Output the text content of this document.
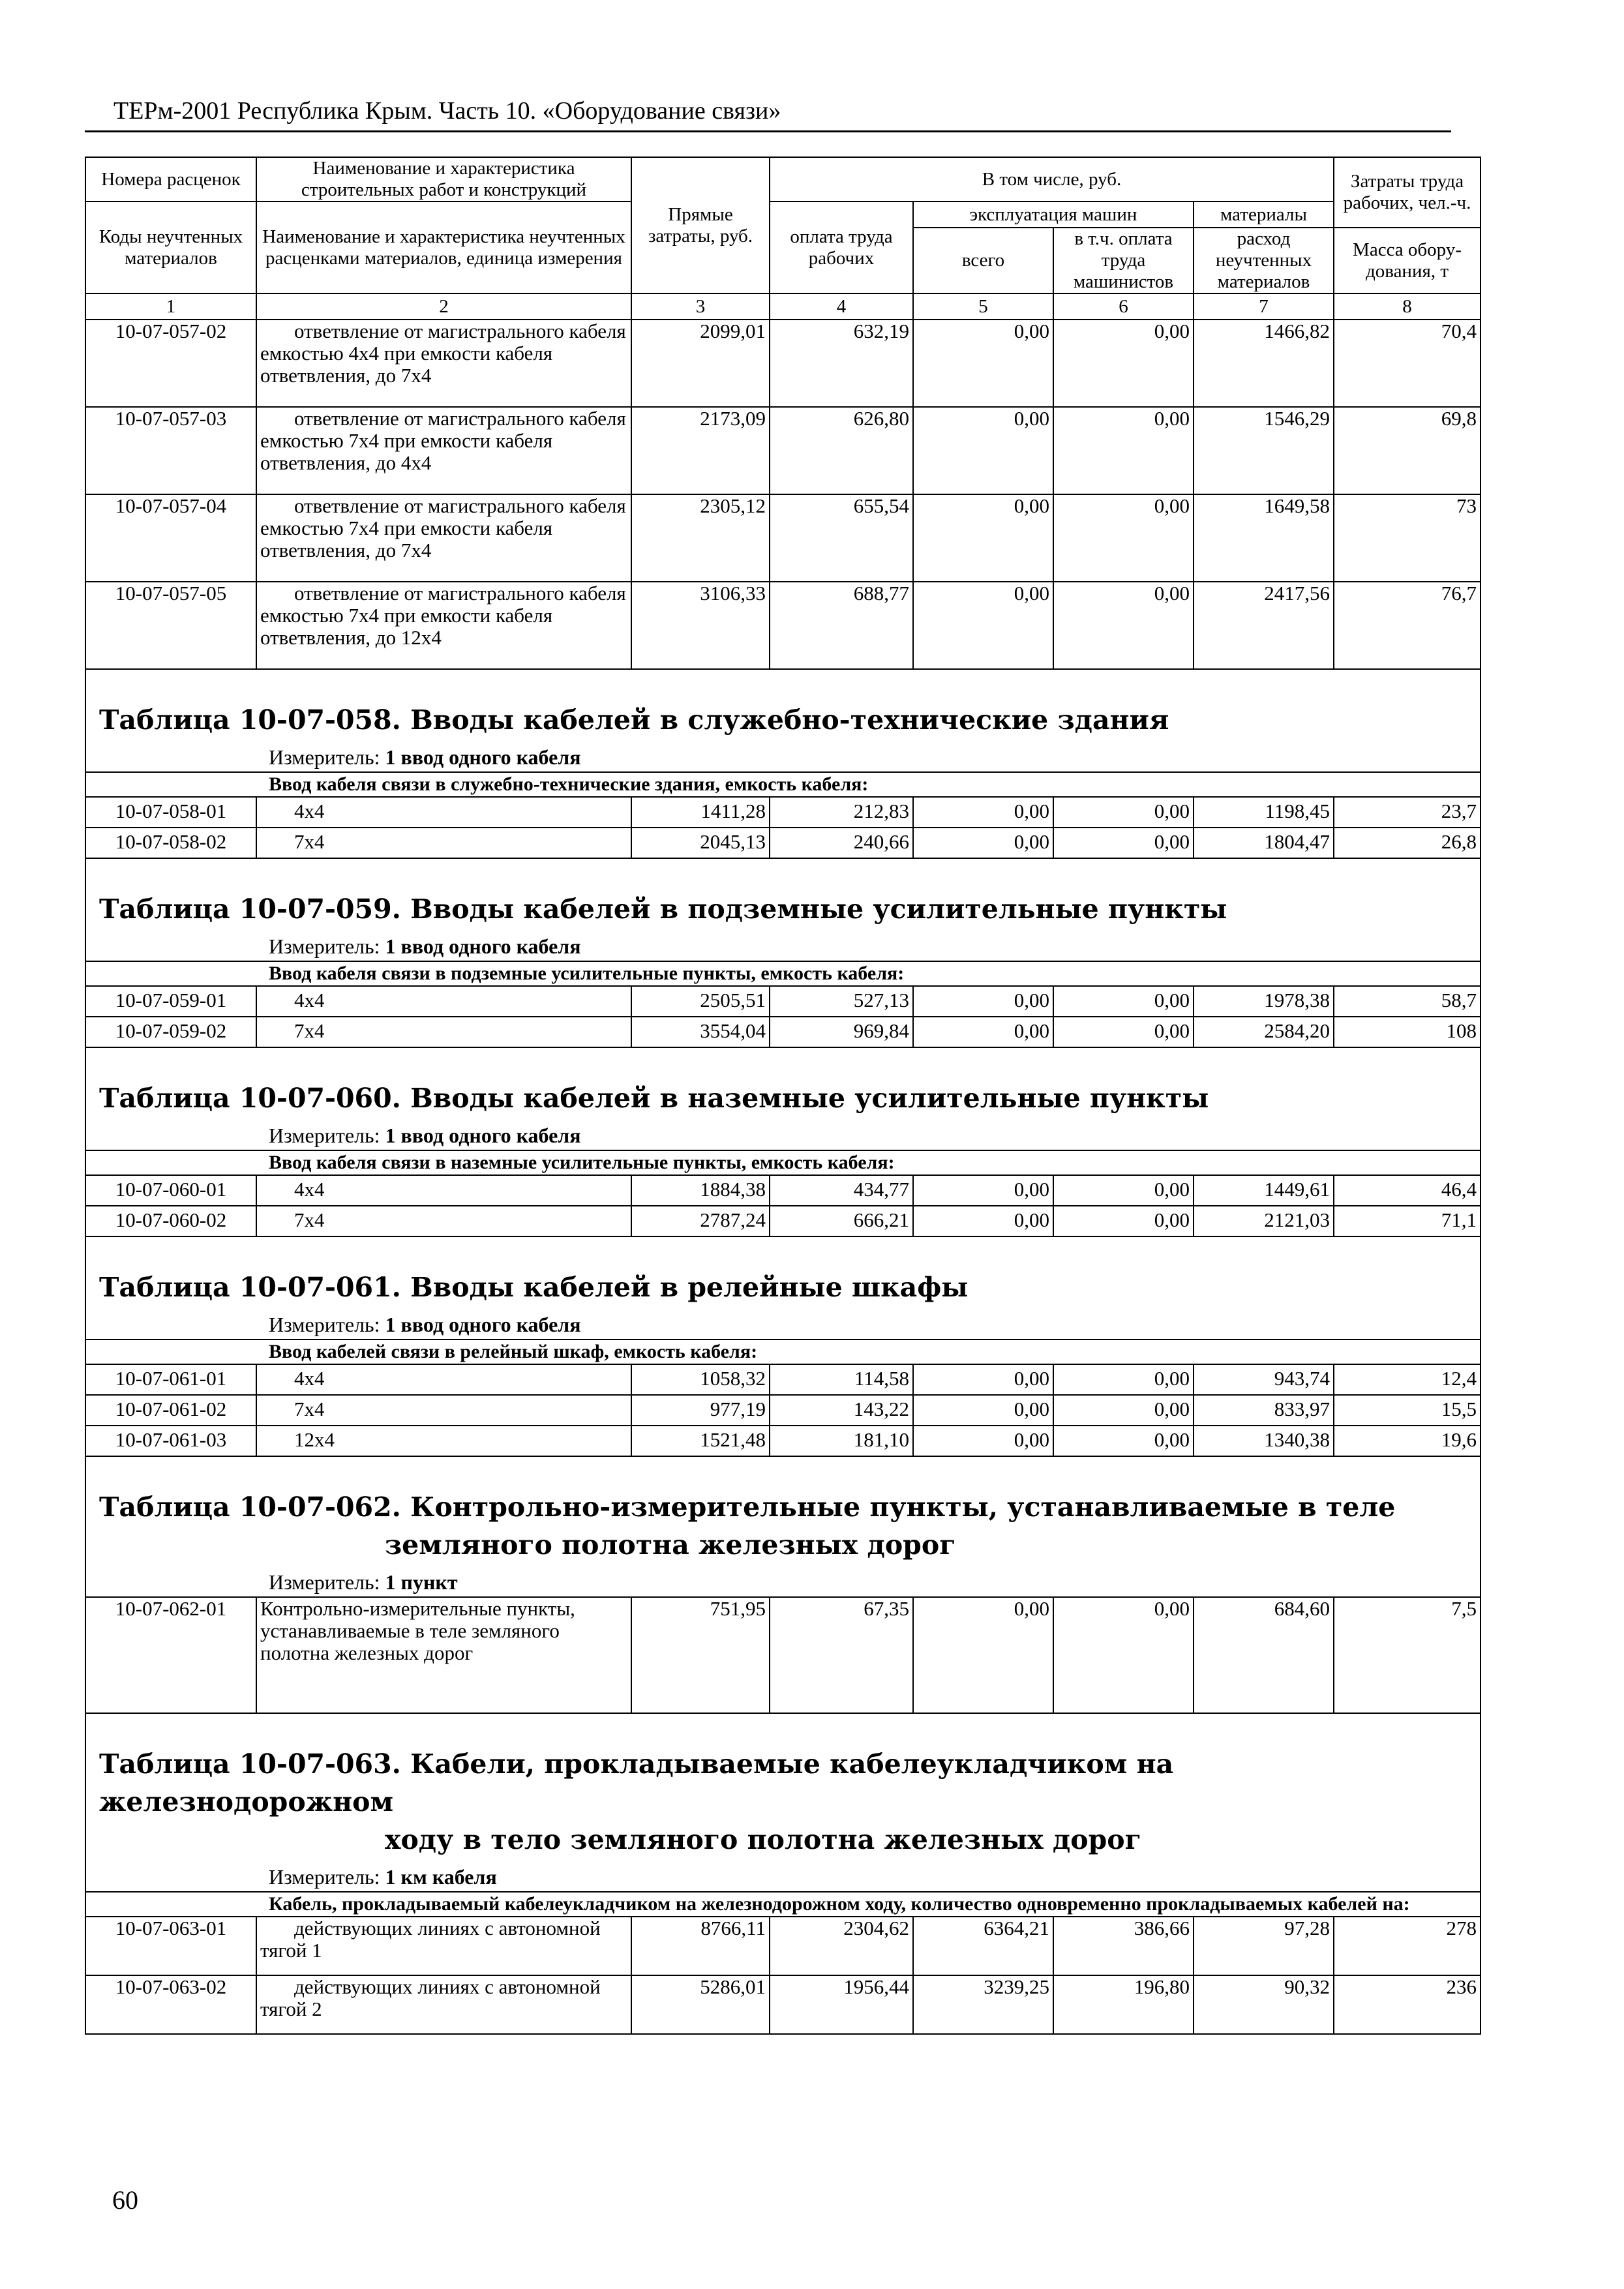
ТЕРм-2001 Республика Крым. Часть 10. «Оборудование связи»
Номера расценок	Наименование и характеристика строительных работ и конструкций	Прямые затраты, руб.	В том числе, руб.				Затраты труда рабочих, чел.-ч.
Коды неучтенных материалов	Наименование и характеристика неучтенных расценками материалов, единица измерения		оплата труда рабочих	эксплуатация машин		материалы	
				всего	в т.ч. оплата труда машинистов	расход неучтенных материалов	Масса обору-дования, т
1	2	3	4	5	6	7	8
10-07-057-02	ответвление от магистрального кабеля емкостью 4х4 при емкости кабеля ответвления, до 7х4	2099,01	632,19	0,00	0,00	1466,82	70,4
10-07-057-03	ответвление от магистрального кабеля емкостью 7х4 при емкости кабеля ответвления, до 4х4	2173,09	626,80	0,00	0,00	1546,29	69,8
10-07-057-04	ответвление от магистрального кабеля емкостью 7х4 при емкости кабеля ответвления, до 7х4	2305,12	655,54	0,00	0,00	1649,58	73
10-07-057-05	ответвление от магистрального кабеля емкостью 7х4 при емкости кабеля ответвления, до 12х4	3106,33	688,77	0,00	0,00	2417,56	76,7
Таблица 10-07-058. Вводы кабелей в служебно-технические здания							
Измеритель: 1 ввод одного кабеля							
Ввод кабеля связи в служебно-технические здания, емкость кабеля:							
10-07-058-01	4х4	1411,28	212,83	0,00	0,00	1198,45	23,7
10-07-058-02	7х4	2045,13	240,66	0,00	0,00	1804,47	26,8
Таблица 10-07-059. Вводы кабелей в подземные усилительные пункты							
Измеритель: 1 ввод одного кабеля							
Ввод кабеля связи в подземные усилительные пункты, емкость кабеля:							
10-07-059-01	4х4	2505,51	527,13	0,00	0,00	1978,38	58,7
10-07-059-02	7х4	3554,04	969,84	0,00	0,00	2584,20	108
Таблица 10-07-060. Вводы кабелей в наземные усилительные пункты							
Измеритель: 1 ввод одного кабеля							
Ввод кабеля связи в наземные усилительные пункты, емкость кабеля:							
10-07-060-01	4х4	1884,38	434,77	0,00	0,00	1449,61	46,4
10-07-060-02	7х4	2787,24	666,21	0,00	0,00	2121,03	71,1
Таблица 10-07-061. Вводы кабелей в релейные шкафы							
Измеритель: 1 ввод одного кабеля							
Ввод кабелей связи в релейный шкаф, емкость кабеля:							
10-07-061-01	4х4	1058,32	114,58	0,00	0,00	943,74	12,4
10-07-061-02	7х4	977,19	143,22	0,00	0,00	833,97	15,5
10-07-061-03	12х4	1521,48	181,10	0,00	0,00	1340,38	19,6
Таблица 10-07-062. Контрольно-измерительные пункты, устанавливаемые в теле
земляного полотна железных дорог							

Измеритель: 1 пункт							
10-07-062-01	Контрольно-измерительные пункты, устанавливаемые в теле земляного полотна железных дорог	751,95	67,35	0,00	0,00	684,60	7,5
Таблица 10-07-063. Кабели, прокладываемые кабелеукладчиком на железнодорожном
ходу в тело земляного полотна железных дорог							

Измеритель: 1 км кабеля							
Кабель, прокладываемый кабелеукладчиком на железнодорожном ходу, количество одновременно прокладываемых кабелей на:							
10-07-063-01	действующих линиях с автономной тягой 1	8766,11	2304,62	6364,21	386,66	97,28	278
10-07-063-02	действующих линиях с автономной тягой 2	5286,01	1956,44	3239,25	196,80	90,32	236
60
